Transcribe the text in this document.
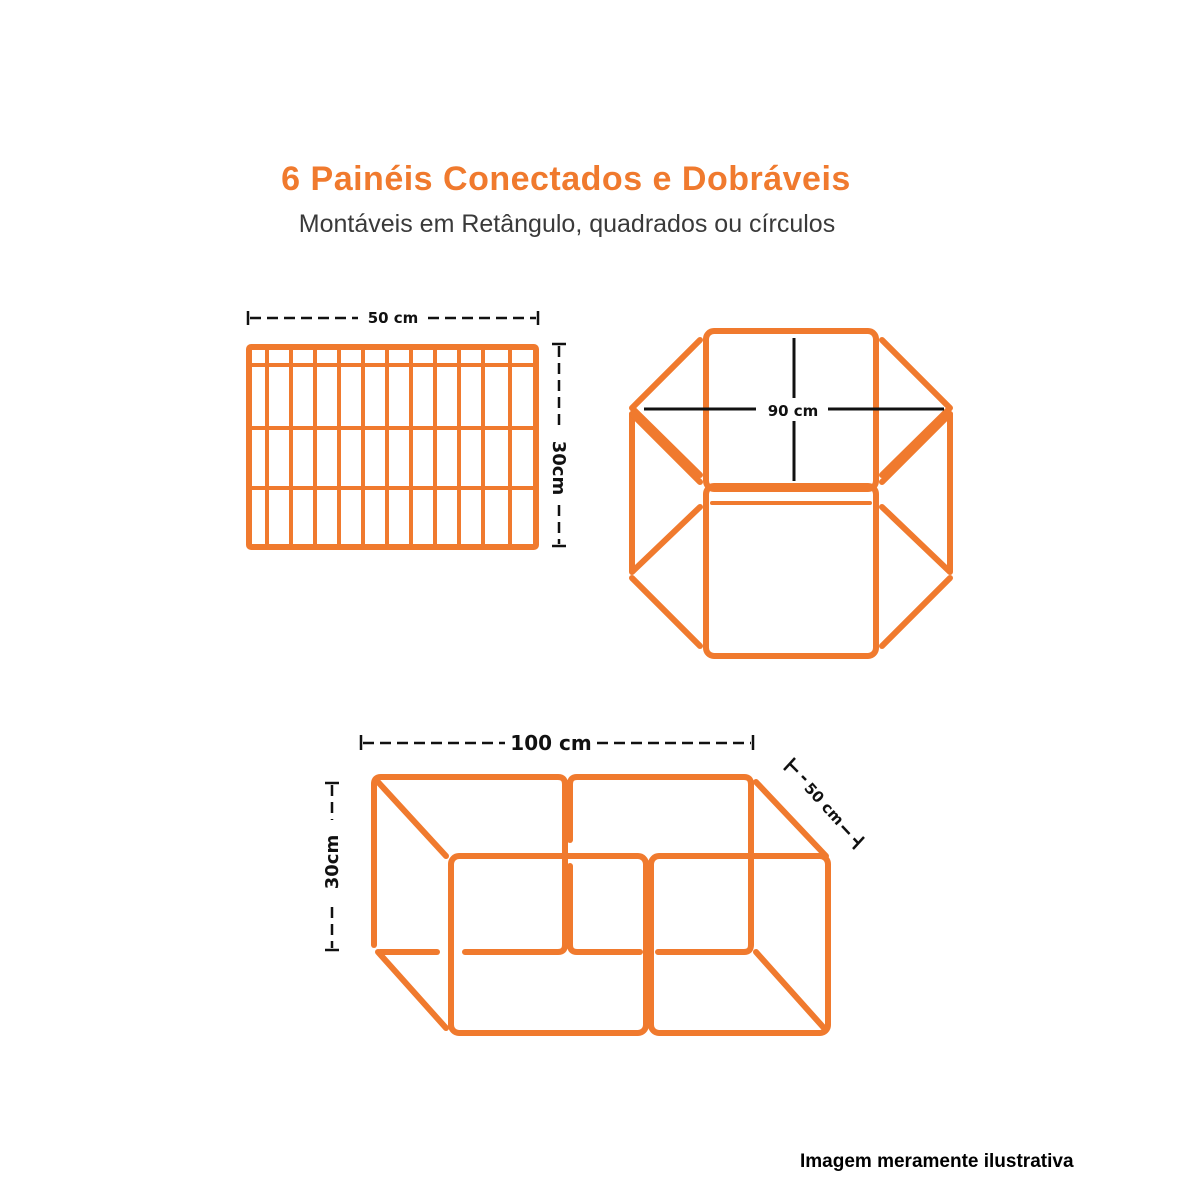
6 Painéis Conectados e Dobráveis
Montáveis em Retângulo, quadrados ou círculos
50 cm
30cm
90 cm
100 cm
50 cm
30cm
Imagem meramente ilustrativa
